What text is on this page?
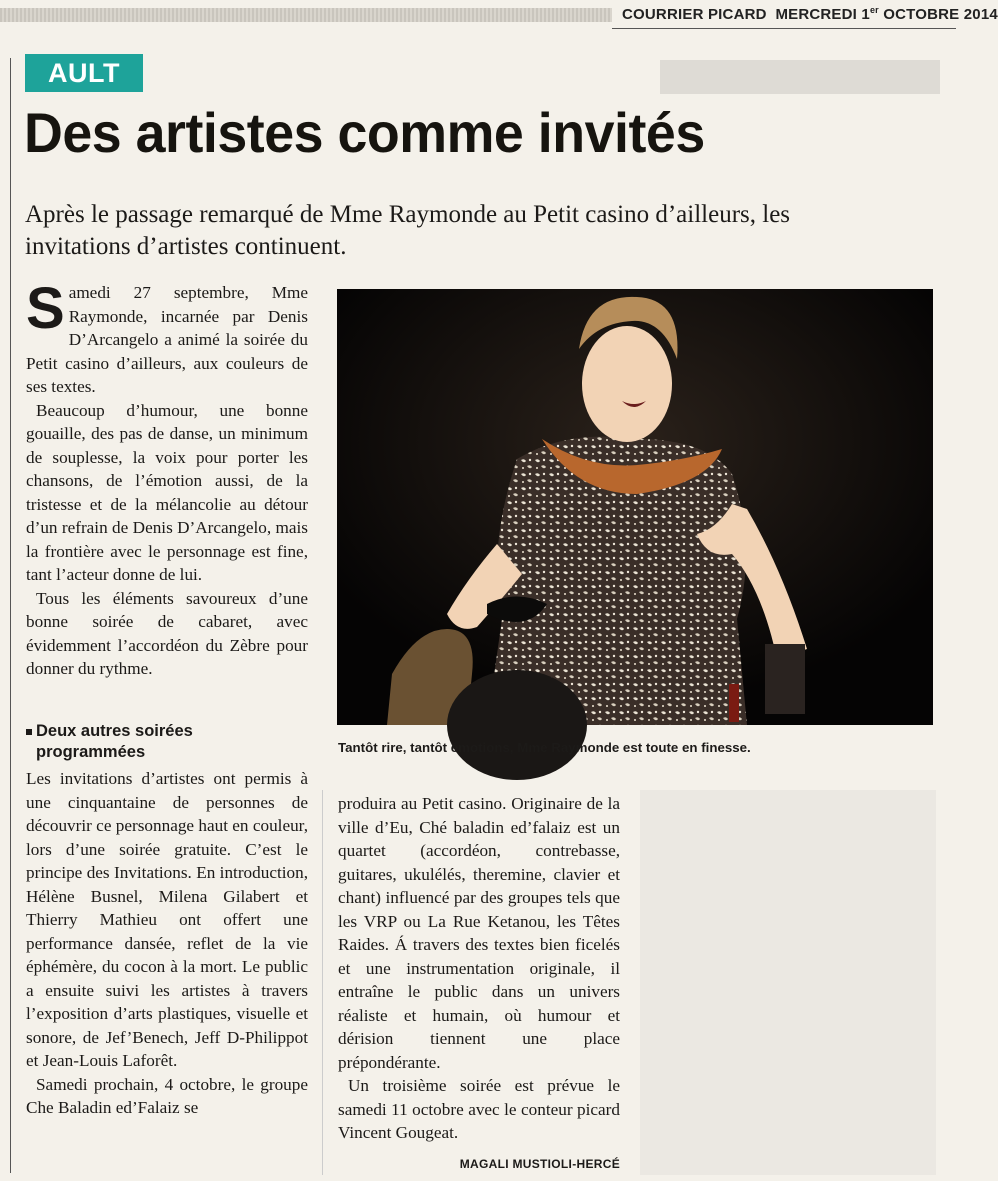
COURRIER PICARD MERCREDI 1er OCTOBRE 2014
AULT
Des artistes comme invités
Après le passage remarqué de Mme Raymonde au Petit casino d’ailleurs, les invitations d’artistes continuent.

Samedi 27 septembre, Mme Raymonde, incarnée par Denis D’Arcangelo a animé la soirée du Petit casino d’ailleurs, aux couleurs de ses textes.

Beaucoup d’humour, une bonne gouaille, des pas de danse, un minimum de souplesse, la voix pour porter les chansons, de l’émotion aussi, de la tristesse et de la mélancolie au détour d’un refrain de Denis D’Arcangelo, mais la frontière avec le personnage est fine, tant l’acteur donne de lui.

Tous les éléments savoureux d’une bonne soirée de cabaret, avec évidemment l’accordéon du Zèbre pour donner du rythme.

Deux autres soirées programmées

Les invitations d’artistes ont permis à une cinquantaine de personnes de découvrir ce personnage haut en couleur, lors d’une soirée gratuite. C’est le principe des Invitations. En introduction, Hélène Busnel, Milena Gilabert et Thierry Mathieu ont offert une performance dansée, reflet de la vie éphémère, du cocon à la mort. Le public a ensuite suivi les artistes à travers l’exposition d’arts plastiques, visuelle et sonore, de Jef’Benech, Jeff D-Philippot et Jean-Louis Laforêt.

Samedi prochain, 4 octobre, le groupe Che Baladin ed’Falaiz se

Tantôt rire, tantôt émotions, Mme Raymonde est toute en finesse.

produira au Petit casino. Originaire de la ville d’Eu, Ché baladin ed’falaiz est un quartet (accordéon, contrebasse, guitares, ukulélés, theremine, clavier et chant) influencé par des groupes tels que les VRP ou La Rue Ketanou, les Têtes Raides. Á travers des textes bien ficelés et une instrumentation originale, il entraîne le public dans un univers réaliste et humain, où humour et dérision tiennent une place prépondérante.

Un troisième soirée est prévue le samedi 11 octobre avec le conteur picard Vincent Gougeat.

MAGALI MUSTIOLI-HERCÉ
